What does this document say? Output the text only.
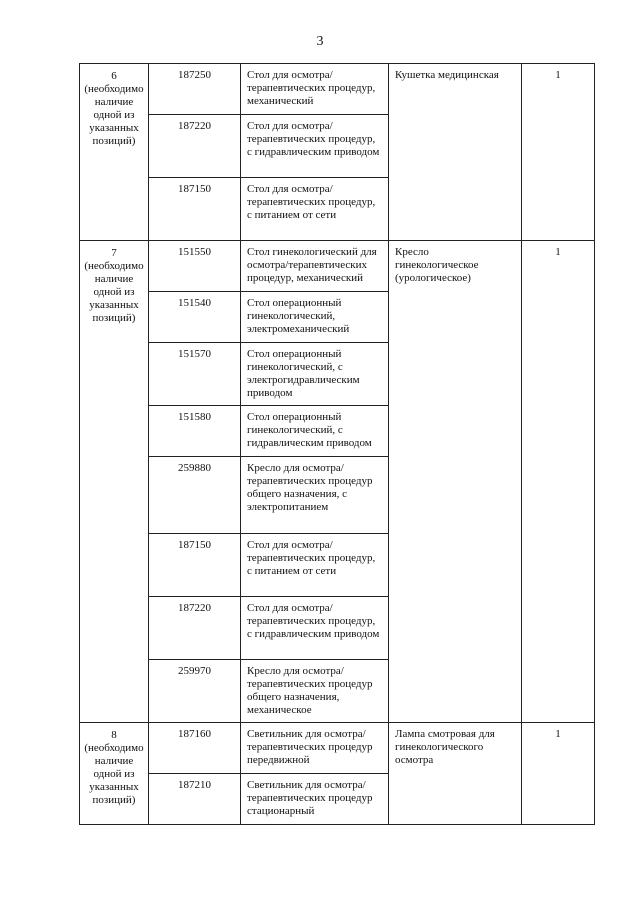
3
6
(необходимо наличие одной из указанных позиций)	187250	Стол для осмотра/терапевтических процедур, механический	Кушетка медицинская	1
	187220	Стол для осмотра/терапевтических процедур, с гидравлическим приводом		
	187150	Стол для осмотра/терапевтических процедур, с питанием от сети		

7
(необходимо наличие одной из указанных позиций)	151550	Стол гинекологический для осмотра/терапевтических процедур, механический	Кресло гинекологическое (урологическое)	1
	151540	Стол операционный гинекологический, электромеханический		
	151570	Стол операционный гинекологический, с электрогидравлическим приводом		
	151580	Стол операционный гинекологический, с гидравлическим приводом		
	259880	Кресло для осмотра/терапевтических процедур общего назначения, с электропитанием		
	187150	Стол для осмотра/терапевтических процедур, с питанием от сети		
	187220	Стол для осмотра/терапевтических процедур, с гидравлическим приводом		
	259970	Кресло для осмотра/терапевтических процедур общего назначения, механическое		

8
(необходимо наличие одной из указанных позиций)	187160	Светильник для осмотра/терапевтических процедур передвижной	Лампа смотровая для гинекологического осмотра	1
	187210	Светильник для осмотра/терапевтических процедур стационарный		
